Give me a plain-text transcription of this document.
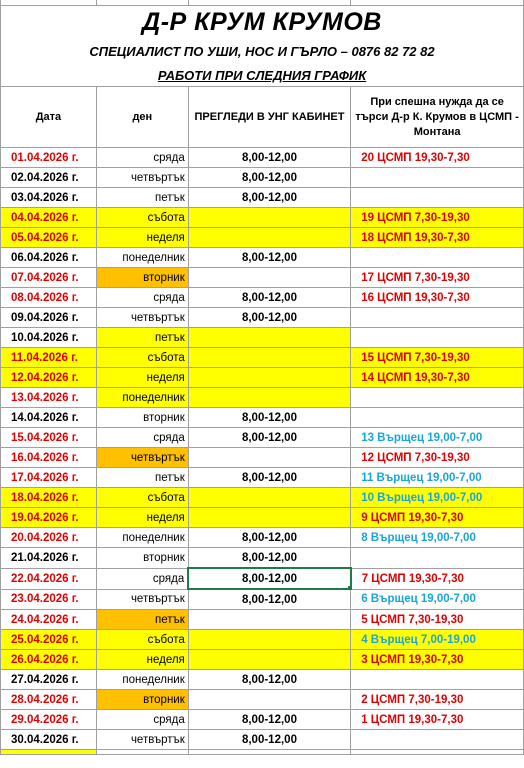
Д-Р КРУМ КРУМОВ			

СПЕЦИАЛИСТ ПО УШИ, НОС И ГЪРЛО – 0876 82 72 82			

РАБОТИ ПРИ СЛЕДНИЯ ГРАФИК			

Дата	ден	ПРЕГЛЕДИ В УНГ КАБИНЕТ	При спешна нужда да се търси Д-р К. Крумов в ЦСМП - Монтана
01.04.2026 г.	сряда	8,00-12,00	20 ЦСМП 19,30-7,30
02.04.2026 г.	четвъртък	8,00-12,00	
03.04.2026 г.	петък	8,00-12,00	
04.04.2026 г.	събота		19 ЦСМП 7,30-19,30
05.04.2026 г.	неделя		18 ЦСМП 19,30-7,30
06.04.2026 г.	понеделник	8,00-12,00	
07.04.2026 г.	вторник		17 ЦСМП 7,30-19,30
08.04.2026 г.	сряда	8,00-12,00	16 ЦСМП 19,30-7,30
09.04.2026 г.	четвъртък	8,00-12,00	
10.04.2026 г.	петък		
11.04.2026 г.	събота		15 ЦСМП 7,30-19,30
12.04.2026 г.	неделя		14 ЦСМП 19,30-7,30
13.04.2026 г.	понеделник		
14.04.2026 г.	вторник	8,00-12,00	
15.04.2026 г.	сряда	8,00-12,00	13 Върщец 19,00-7,00
16.04.2026 г.	четвъртък		12 ЦСМП 7,30-19,30
17.04.2026 г.	петък	8,00-12,00	11 Върщец 19,00-7,00
18.04.2026 г.	събота		10 Върщец 19,00-7,00
19.04.2026 г.	неделя		9 ЦСМП 19,30-7,30
20.04.2026 г.	понеделник	8,00-12,00	8 Върщец 19,00-7,00
21.04.2026 г.	вторник	8,00-12,00	
22.04.2026 г.	сряда	8,00-12,00	7 ЦСМП 19,30-7,30
23.04.2026 г.	четвъртък	8,00-12,00	6 Върщец 19,00-7,00
24.04.2026 г.	петък		5 ЦСМП 7,30-19,30
25.04.2026 г.	събота		4 Върщец 7,00-19,00
26.04.2026 г.	неделя		3 ЦСМП 19,30-7,30
27.04.2026 г.	понеделник	8,00-12,00	
28.04.2026 г.	вторник		2 ЦСМП 7,30-19,30
29.04.2026 г.	сряда	8,00-12,00	1 ЦСМП 19,30-7,30
30.04.2026 г.	четвъртък	8,00-12,00	
